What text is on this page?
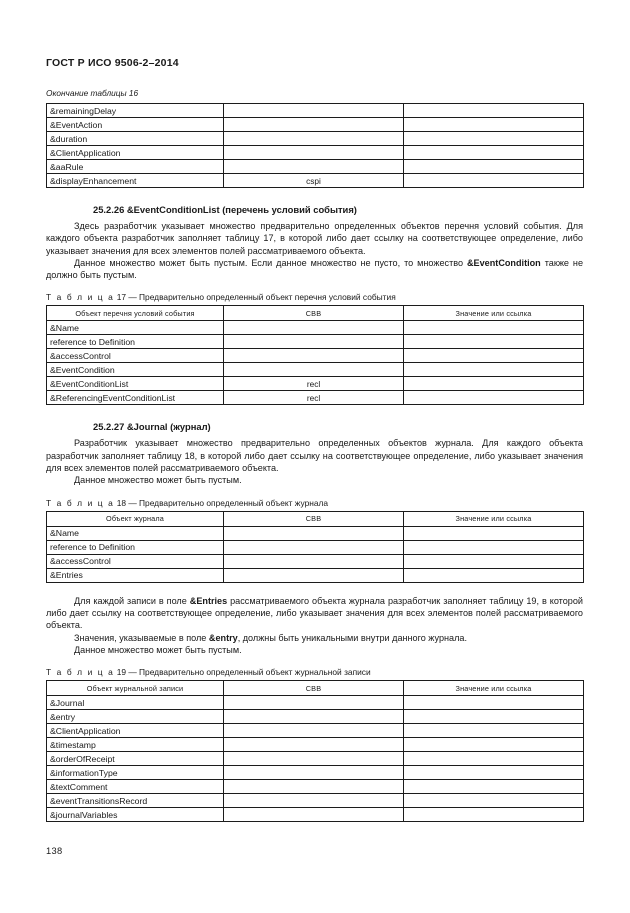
ГОСТ Р ИСО 9506-2–2014
Окончание таблицы 16
&remainingDelay		
&EventAction		
&duration		
&ClientApplication		
&aaRule		
&displayEnhancement	cspi	
25.2.26 &EventConditionList (перечень условий события)

Здесь разработчик указывает множество предварительно определенных объектов перечня условий события. Для каждого объекта разработчик заполняет таблицу 17, в которой либо дает ссылку на соответствующее определение, либо указывает значения для всех элементов полей рассматриваемого объекта.

Данное множество может быть пустым. Если данное множество не пусто, то множество &EventCondition также не должно быть пустым.

Т а б л и ц а 17 — Предварительно определенный объект перечня условий события
Объект перечня условий события	CBB	Значение или ссылка
&Name		
reference to Definition		
&accessControl		
&EventCondition		
&EventConditionList	recl	
&ReferencingEventConditionList	recl	
25.2.27 &Journal (журнал)

Разработчик указывает множество предварительно определенных объектов журнала. Для каждого объекта разработчик заполняет таблицу 18, в которой либо дает ссылку на соответствующее определение, либо указывает значения для всех элементов полей рассматриваемого объекта.

Данное множество может быть пустым.

Т а б л и ц а 18 — Предварительно определенный объект журнала
Объект журнала	CBB	Значение или ссылка
&Name		
reference to Definition		
&accessControl		
&Entries		

Для каждой записи в поле &Entries рассматриваемого объекта журнала разработчик заполняет таблицу 19, в которой либо дает ссылку на соответствующее определение, либо указывает значения для всех элементов полей рассматриваемого объекта.

Значения, указываемые в поле &entry, должны быть уникальными внутри данного журнала.

Данное множество может быть пустым.

Т а б л и ц а 19 — Предварительно определенный объект журнальной записи
Объект журнальной записи	CBB	Значение или ссылка
&Journal		
&entry		
&ClientApplication		
&timestamp		
&orderOfReceipt		
&informationType		
&textComment		
&eventTransitionsRecord		
&journalVariables		
138
